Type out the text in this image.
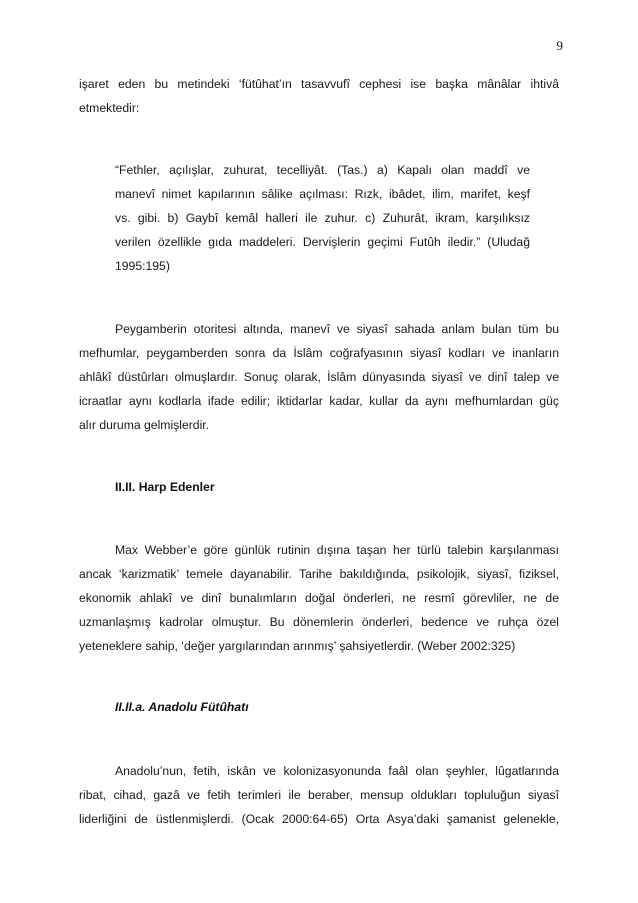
9
işaret eden bu metindeki ‘fütûhat’ın tasavvufî cephesi ise başka mânâlar ihtivâ
etmektedir:
“Fethler, açılışlar, zuhurat, tecelliyât. (Tas.) a) Kapalı olan maddî ve
manevî nimet kapılarının sâlike açılması: Rızk, ibâdet, ilim, marifet, keşf
vs. gibi. b) Gaybî kemâl halleri ile zuhur. c) Zuhurât, ikram, karşılıksız
verilen özellikle gıda maddeleri. Dervişlerin geçimi Futûh iledir.” (Uludağ
1995:195)
Peygamberin otoritesi altında, manevî ve siyasî sahada anlam bulan tüm bu
mefhumlar, peygamberden sonra da İslâm coğrafyasının siyasî kodları ve inanların
ahlâkî düstûrları olmuşlardır. Sonuç olarak, İslâm dünyasında siyasî ve dinî talep ve
icraatlar aynı kodlarla ifade edilir; iktidarlar kadar, kullar da aynı mefhumlardan güç
alır duruma gelmişlerdir.
II.II. Harp Edenler
Max Webber’e göre günlük rutinin dışına taşan her türlü talebin karşılanması
ancak ‘karizmatik’ temele dayanabilir. Tarihe bakıldığında, psikolojik, siyasî, fiziksel,
ekonomik ahlakî ve dinî bunalımların doğal önderleri, ne resmî görevliler, ne de
uzmanlaşmış kadrolar olmuştur. Bu dönemlerin önderleri, bedence ve ruhça özel
yeteneklere sahip, ‘değer yargılarından arınmış’ şahsiyetlerdir. (Weber 2002:325)
II.II.a. Anadolu Fütûhatı
Anadolu’nun, fetih, iskân ve kolonizasyonunda faâl olan şeyhler, lûgatlarında
ribat, cihad, gazâ ve fetih terimleri ile beraber, mensup oldukları topluluğun siyasî
liderliğini de üstlenmişlerdi. (Ocak 2000:64-65) Orta Asya’daki şamanist gelenekle,
